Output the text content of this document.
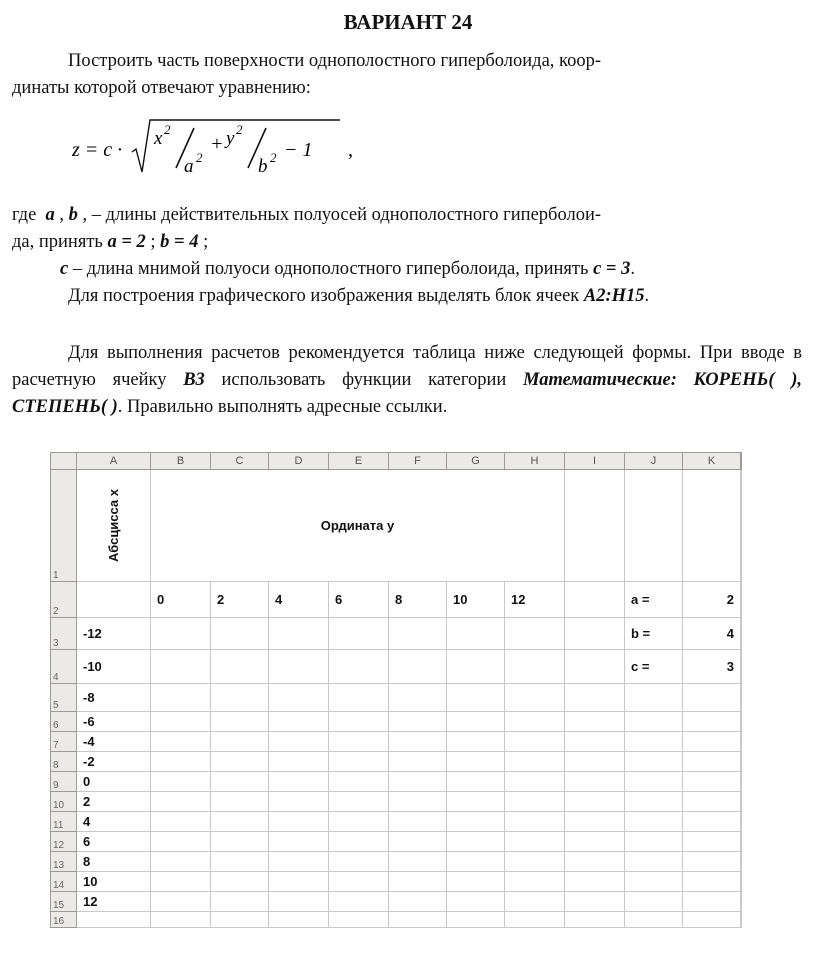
ВАРИАНТ 24
Построить часть поверхности однополостного гиперболоида, коор-
динаты которой отвечают уравнению:
z = c ·
x 2
a 2
+ y 2
b 2 − 1 ,
где a , b , – длины действительных полуосей однополостного гиперболои-
да, принять a = 2 ; b = 4 ;
c – длина мнимой полуоси однополостного гиперболоида, принять c = 3.
Для построения графического изображения выделять блок ячеек A2:H15.
Для выполнения расчетов рекомендуется таблица ниже следующей формы. При вводе в расчетную ячейку B3 использовать функции категории Математические: КОРЕНЬ( ), СТЕПЕНЬ( ). Правильно выполнять адресные ссылки.
	A	B	C	D	E	F	G	H	I	J	K	
1	Абсцисса х	Ордината у										
2		0	2	4	6	8	10	12		a =	2	
3	-12									b =	4	
4	-10									c =	3	
5	-8											
6	-6											
7	-4											
8	-2											
9	0											
10	2											
11	4											
12	6											
13	8											
14	10											
15	12											
16												
